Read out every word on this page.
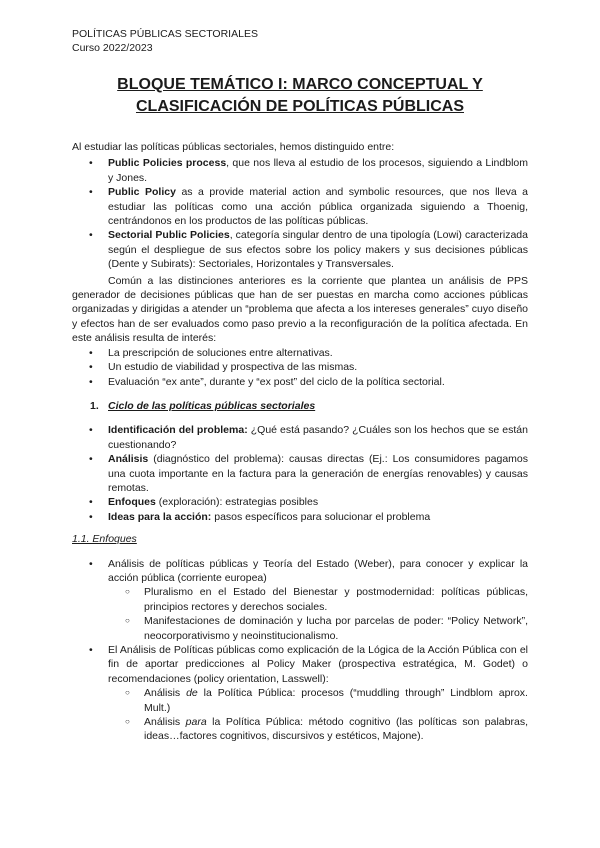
POLÍTICAS PÚBLICAS SECTORIALES
Curso 2022/2023
BLOQUE TEMÁTICO I: MARCO CONCEPTUAL Y
CLASIFICACIÓN DE POLÍTICAS PÚBLICAS

Al estudiar las políticas públicas sectoriales, hemos distinguido entre:

• Public Policies process, que nos lleva al estudio de los procesos, siguiendo a Lindblom y Jones.
• Public Policy as a provide material action and symbolic resources, que nos lleva a estudiar las políticas como una acción pública organizada siguiendo a Thoenig, centrándonos en los productos de las políticas públicas.
• Sectorial Public Policies, categoría singular dentro de una tipología (Lowi) caracterizada según el despliegue de sus efectos sobre los policy makers y sus decisiones públicas (Dente y Subirats): Sectoriales, Horizontales y Transversales.

Común a las distinciones anteriores es la corriente que plantea un análisis de PPS generador de decisiones públicas que han de ser puestas en marcha como acciones públicas organizadas y dirigidas a atender un “problema que afecta a los intereses generales” cuyo diseño y efectos han de ser evaluados como paso previo a la reconfiguración de la política afectada. En este análisis resulta de interés:

• La prescripción de soluciones entre alternativas.
• Un estudio de viabilidad y prospectiva de las mismas.
• Evaluación “ex ante”, durante y “ex post” del ciclo de la política sectorial.
1. Ciclo de las políticas públicas sectoriales
• Identificación del problema: ¿Qué está pasando? ¿Cuáles son los hechos que se están cuestionando?
• Análisis (diagnóstico del problema): causas directas (Ej.: Los consumidores pagamos una cuota importante en la factura para la generación de energías renovables) y causas remotas.
• Enfoques (exploración): estrategias posibles
• Ideas para la acción: pasos específicos para solucionar el problema
1.1. Enfoques
• Análisis de políticas públicas y Teoría del Estado (Weber), para conocer y explicar la acción pública (corriente europea)
○ Pluralismo en el Estado del Bienestar y postmodernidad: políticas públicas, principios rectores y derechos sociales.
○ Manifestaciones de dominación y lucha por parcelas de poder: “Policy Network”, neocorporativismo y neoinstitucionalismo.
• El Análisis de Políticas públicas como explicación de la Lógica de la Acción Pública con el fin de aportar predicciones al Policy Maker (prospectiva estratégica, M. Godet) o recomendaciones (policy orientation, Lasswell):
○ Análisis de la Política Pública: procesos (“muddling through” Lindblom aprox. Mult.)
○ Análisis para la Política Pública: método cognitivo (las políticas son palabras, ideas…factores cognitivos, discursivos y estéticos, Majone).
